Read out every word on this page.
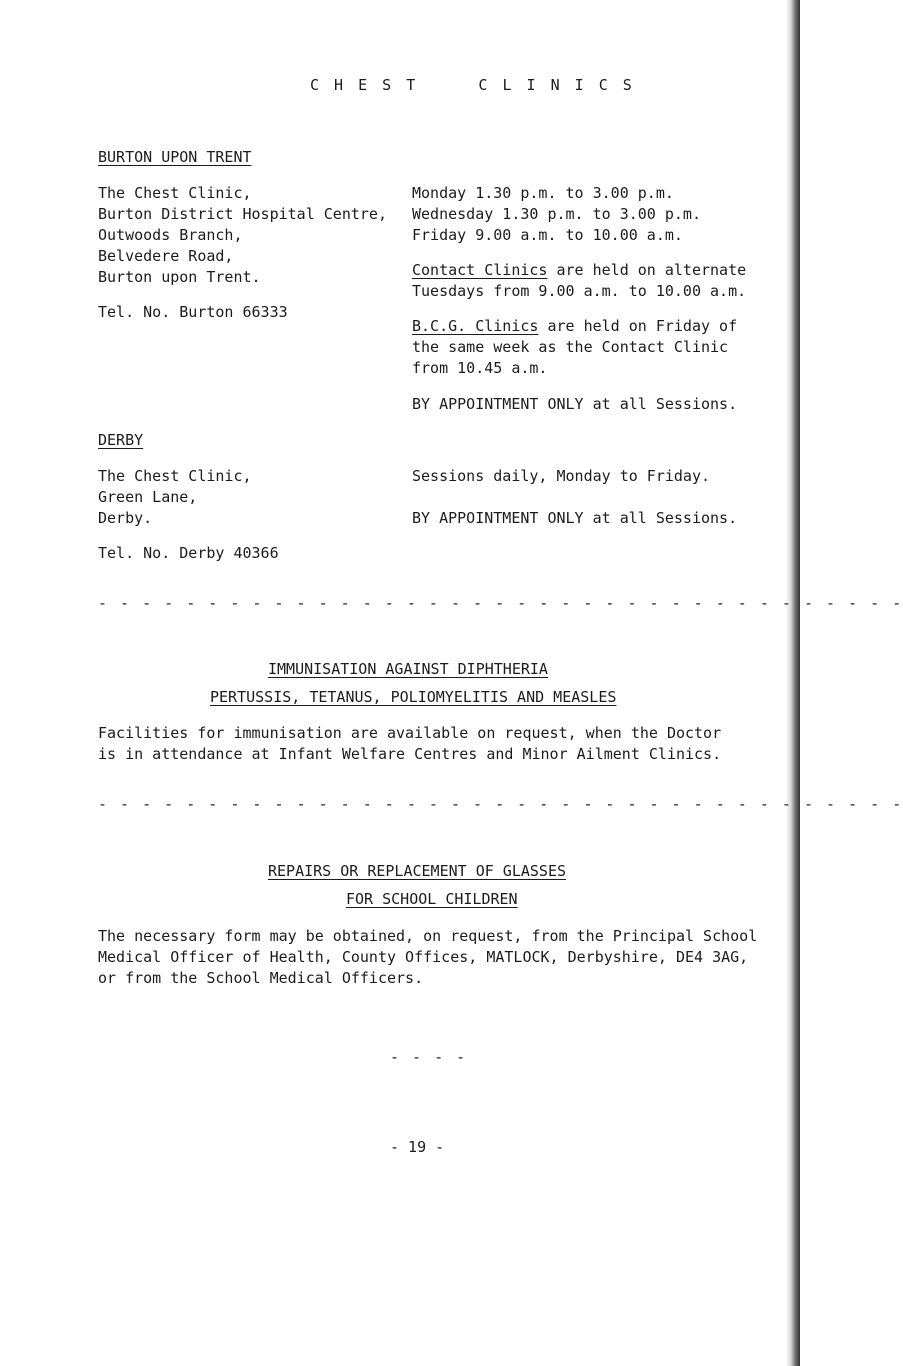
C H E S T     C L I N I C S
BURTON UPON TRENT
The Chest Clinic,
Burton District Hospital Centre,
Outwoods Branch,
Belvedere Road,
Burton upon Trent.
Tel. No. Burton 66333
Monday 1.30 p.m. to 3.00 p.m.
Wednesday 1.30 p.m. to 3.00 p.m.
Friday 9.00 a.m. to 10.00 a.m.
Contact Clinics are held on alternate
Tuesdays from 9.00 a.m. to 10.00 a.m.
B.C.G. Clinics are held on Friday of
the same week as the Contact Clinic
from 10.45 a.m.
BY APPOINTMENT ONLY at all Sessions.
DERBY
The Chest Clinic,
Green Lane,
Derby.
Tel. No. Derby 40366
Sessions daily, Monday to Friday.
BY APPOINTMENT ONLY at all Sessions.
- - - - - - - - - - - - - - - - - - - - - - - - - - - - - - - - - - - - -
IMMUNISATION AGAINST DIPHTHERIA
PERTUSSIS, TETANUS, POLIOMYELITIS AND MEASLES
Facilities for immunisation are available on request, when the Doctor
is in attendance at Infant Welfare Centres and Minor Ailment Clinics.
- - - - - - - - - - - - - - - - - - - - - - - - - - - - - - - - - - - - -
REPAIRS OR REPLACEMENT OF GLASSES
FOR SCHOOL CHILDREN
The necessary form may be obtained, on request, from the Principal School
Medical Officer of Health, County Offices, MATLOCK, Derbyshire, DE4 3AG,
or from the School Medical Officers.
- - - -
- 19 -
